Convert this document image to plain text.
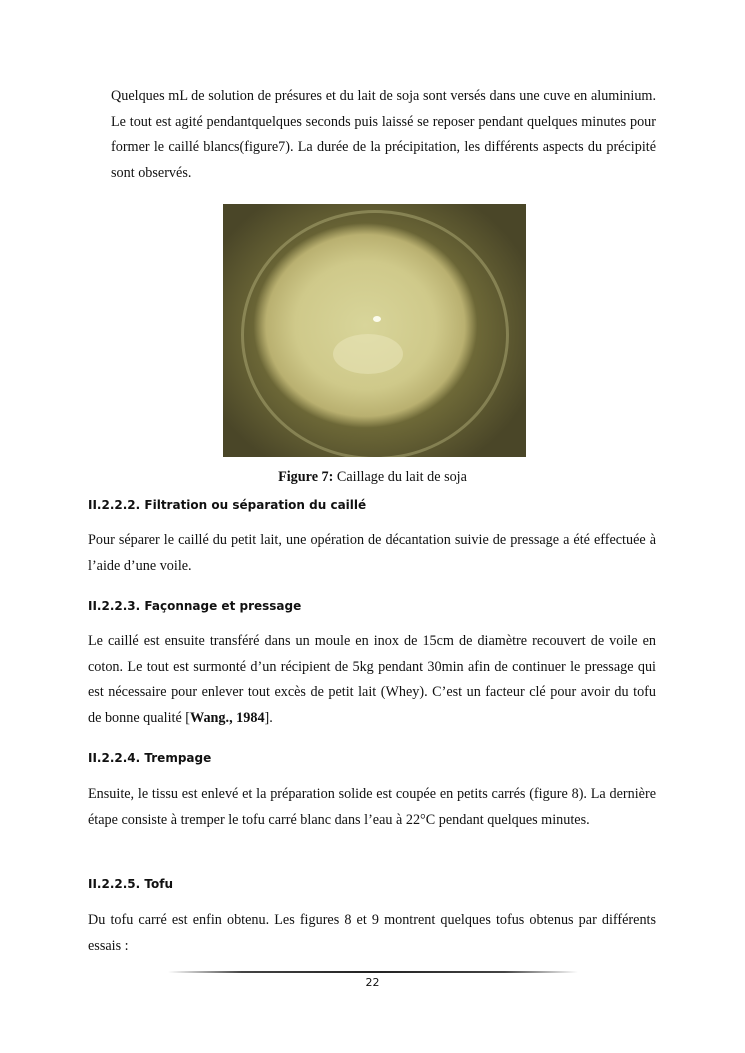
Quelques mL de solution de présures et du lait de soja sont versés dans une cuve en aluminium. Le tout est agité pendantquelques seconds puis laissé se reposer pendant quelques minutes pour former le caillé blancs(figure7). La durée de la précipitation, les différents aspects du précipité sont observés.

Figure 7: Caillage du lait de soja

II.2.2.2. Filtration ou séparation du caillé

Pour séparer le caillé du petit lait, une opération de décantation suivie de pressage a été effectuée à l’aide d’une voile.

II.2.2.3. Façonnage et pressage

Le caillé est ensuite transféré dans un moule en inox de 15cm de diamètre recouvert de voile en coton. Le tout est surmonté d’un récipient de 5kg pendant 30min afin de continuer le pressage qui est nécessaire pour enlever tout excès de petit lait (Whey). C’est un facteur clé pour avoir du tofu de bonne qualité [Wang., 1984].

II.2.2.4. Trempage

Ensuite, le tissu est enlevé et la préparation solide est coupée en petits carrés (figure 8). La dernière étape consiste à tremper le tofu carré blanc dans l’eau à 22°C pendant quelques minutes.

II.2.2.5. Tofu

Du tofu carré est enfin obtenu. Les figures 8 et 9 montrent quelques tofus obtenus par différents essais :

22
